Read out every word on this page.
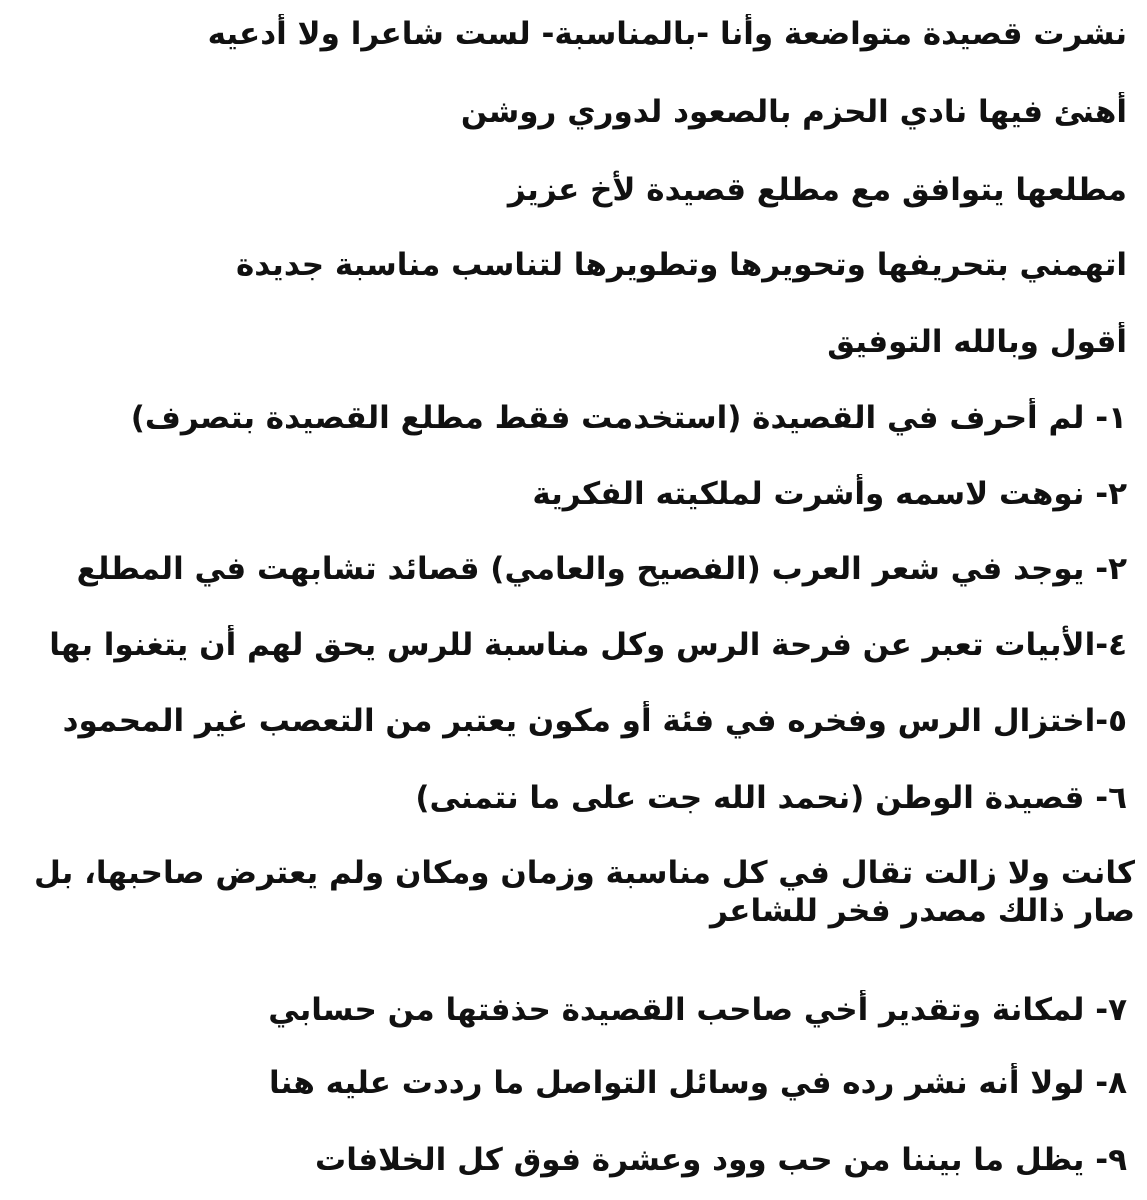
نشرت قصيدة متواضعة وأنا -بالمناسبة- لست شاعرا ولا أدعيه

أهنئ فيها نادي الحزم بالصعود لدوري روشن

مطلعها يتوافق مع مطلع قصيدة لأخ عزيز

اتهمني بتحريفها وتحويرها وتطويرها لتناسب مناسبة جديدة

أقول وبالله التوفيق

١- لم أحرف في القصيدة (استخدمت فقط مطلع القصيدة بتصرف)

٢- نوهت لاسمه وأشرت لملكيته الفكرية

٢- يوجد في شعر العرب (الفصيح والعامي) قصائد تشابهت في المطلع

٤-الأبيات تعبر عن فرحة الرس وكل مناسبة للرس يحق لهم أن يتغنوا بها

٥-اختزال الرس وفخره في فئة أو مكون يعتبر من التعصب غير المحمود

٦- قصيدة الوطن (نحمد الله جت على ما نتمنى)

كانت ولا زالت تقال في كل مناسبة وزمان ومكان ولم يعترض صاحبها، بل صار ذالك مصدر فخر للشاعر

٧- لمكانة وتقدير أخي صاحب القصيدة حذفتها من حسابي

٨- لولا أنه نشر رده في وسائل التواصل ما رددت عليه هنا

٩- يظل ما بيننا من حب وود وعشرة فوق كل الخلافات
